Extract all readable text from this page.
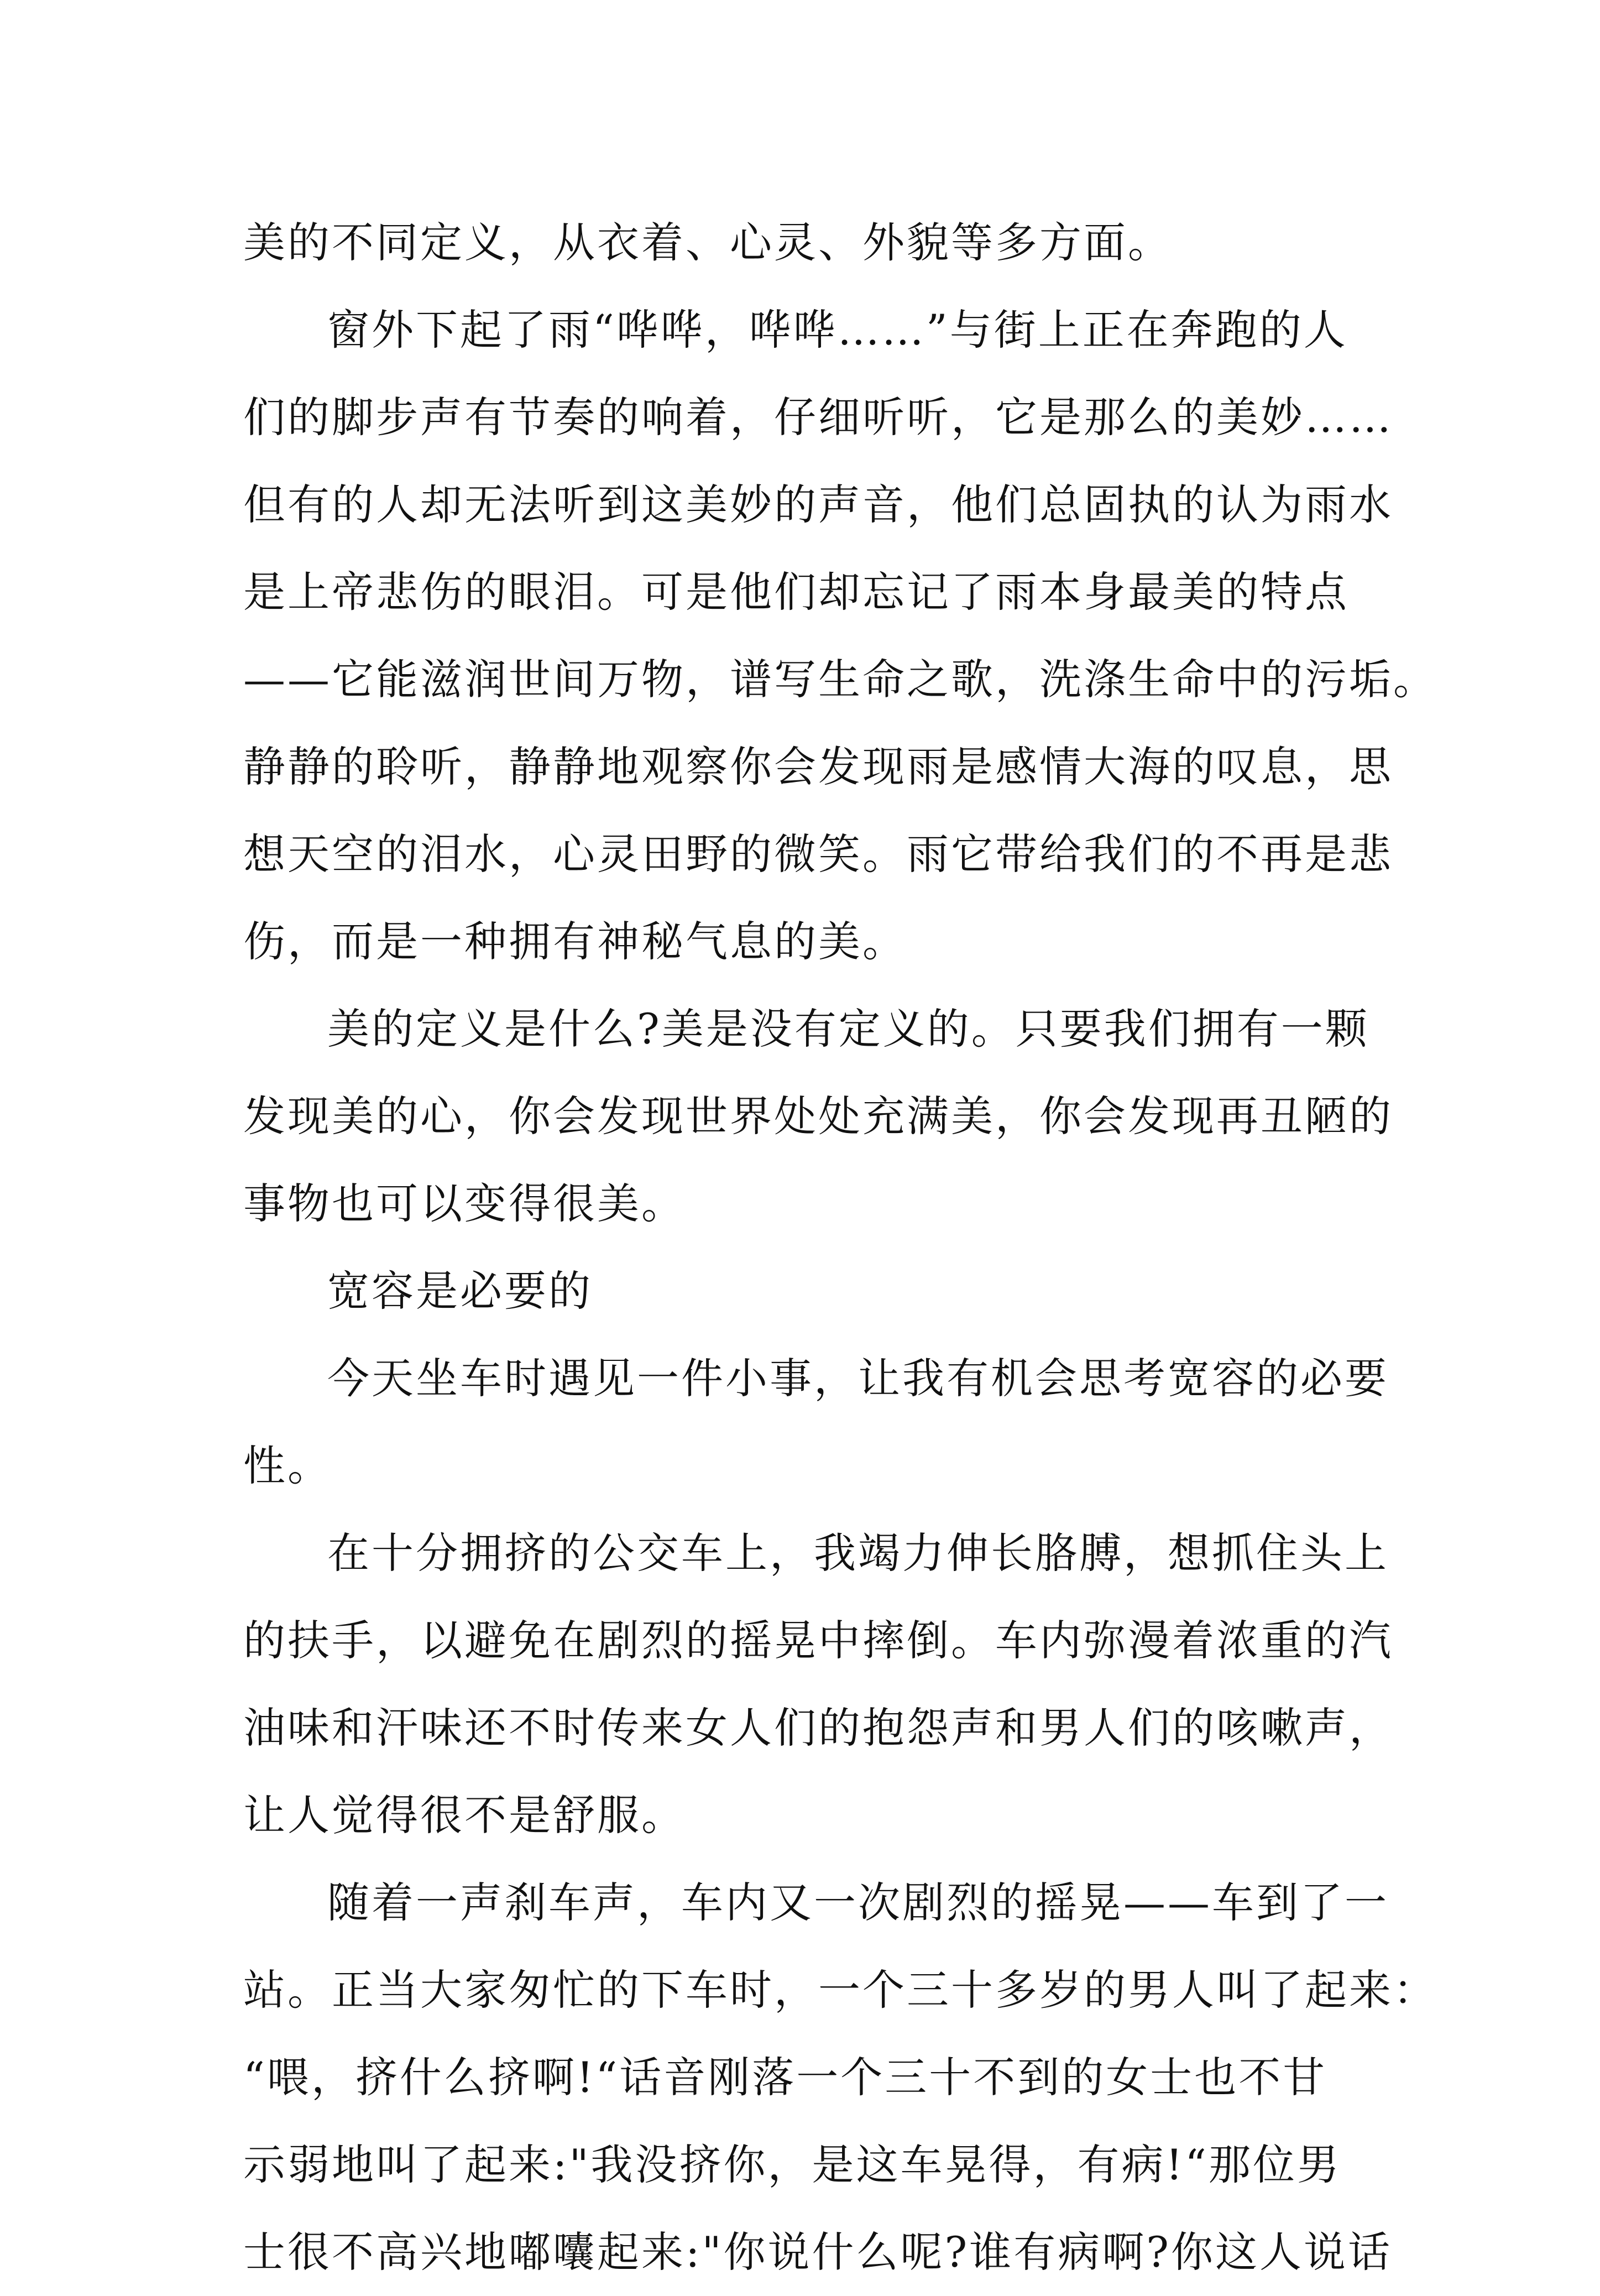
美的不同定义，从衣着、心灵、外貌等多方面。
窗外下起了雨“哗哗，哗哗……”与街上正在奔跑的人
们的脚步声有节奏的响着，仔细听听，它是那么的美妙……
但有的人却无法听到这美妙的声音，他们总固执的认为雨水
是上帝悲伤的眼泪。可是他们却忘记了雨本身最美的特点
——它能滋润世间万物，谱写生命之歌，洗涤生命中的污垢。
静静的聆听，静静地观察你会发现雨是感情大海的叹息，思
想天空的泪水，心灵田野的微笑。雨它带给我们的不再是悲
伤，而是一种拥有神秘气息的美。
美的定义是什么?美是没有定义的。只要我们拥有一颗
发现美的心，你会发现世界处处充满美，你会发现再丑陋的
事物也可以变得很美。
宽容是必要的
今天坐车时遇见一件小事，让我有机会思考宽容的必要
性。
在十分拥挤的公交车上，我竭力伸长胳膊，想抓住头上
的扶手，以避免在剧烈的摇晃中摔倒。车内弥漫着浓重的汽
油味和汗味还不时传来女人们的抱怨声和男人们的咳嗽声，
让人觉得很不是舒服。
随着一声刹车声，车内又一次剧烈的摇晃——车到了一
站。正当大家匆忙的下车时，一个三十多岁的男人叫了起来：
“喂，挤什么挤啊!“话音刚落一个三十不到的女士也不甘
示弱地叫了起来:"我没挤你，是这车晃得，有病!“那位男
士很不高兴地嘟囔起来:"你说什么呢?谁有病啊?你这人说话
